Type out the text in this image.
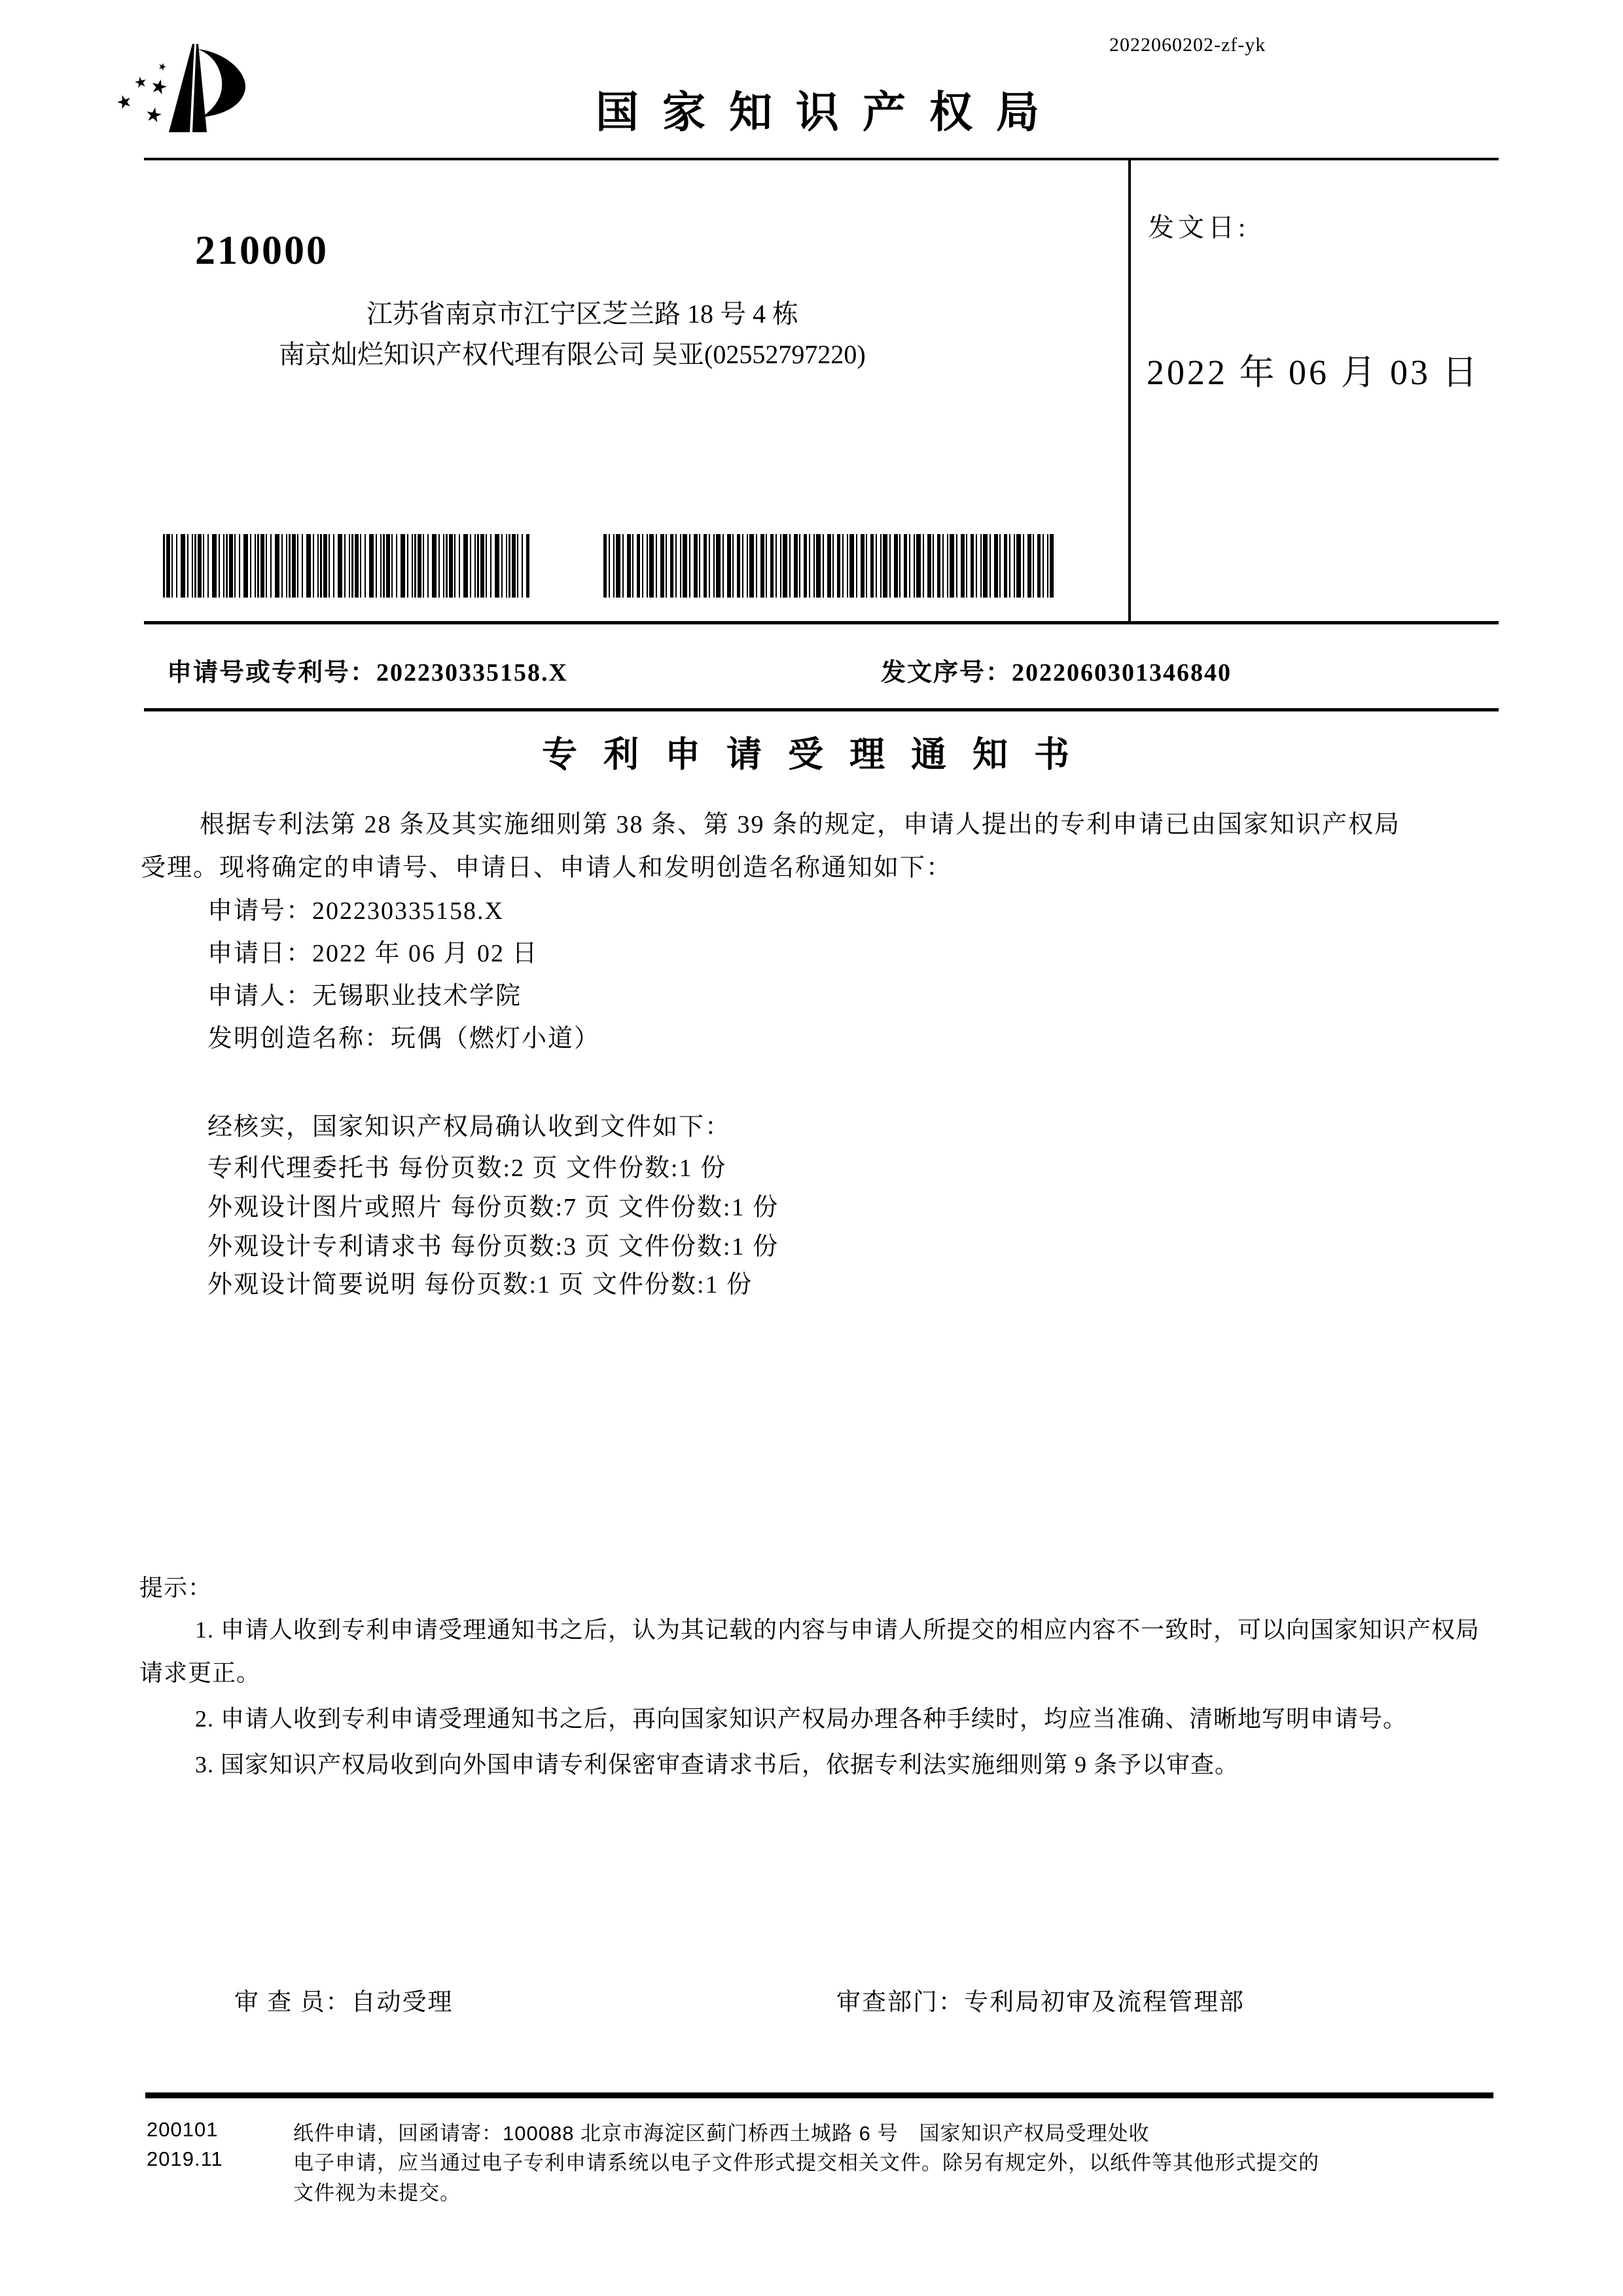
2022060202-zf-yk
国家知识产权局
210000
江苏省南京市江宁区芝兰路 18 号 4 栋
南京灿烂知识产权代理有限公司 吴亚(02552797220)
发文日:
2022 年 06 月 03 日
申请号或专利号：202230335158.X	发文序号：2022060301346840
专利申请受理通知书
根据专利法第 28 条及其实施细则第 38 条、第 39 条的规定，申请人提出的专利申请已由国家知识产权局
受理。现将确定的申请号、申请日、申请人和发明创造名称通知如下：
申请号：202230335158.X
申请日：2022 年 06 月 02 日
申请人：无锡职业技术学院
发明创造名称：玩偶（燃灯小道）
经核实，国家知识产权局确认收到文件如下：
专利代理委托书 每份页数:2 页 文件份数:1 份
外观设计图片或照片 每份页数:7 页 文件份数:1 份
外观设计专利请求书 每份页数:3 页 文件份数:1 份
外观设计简要说明 每份页数:1 页 文件份数:1 份
提示：
1. 申请人收到专利申请受理通知书之后，认为其记载的内容与申请人所提交的相应内容不一致时，可以向国家知识产权局
请求更正。
2. 申请人收到专利申请受理通知书之后，再向国家知识产权局办理各种手续时，均应当准确、清晰地写明申请号。
3. 国家知识产权局收到向外国申请专利保密审查请求书后，依据专利法实施细则第 9 条予以审查。
审 查 员：自动受理	审查部门：专利局初审及流程管理部
200101	纸件申请，回函请寄：100088 北京市海淀区蓟门桥西土城路 6 号　国家知识产权局受理处收
2019.11	电子申请，应当通过电子专利申请系统以电子文件形式提交相关文件。除另有规定外，以纸件等其他形式提交的
文件视为未提交。
